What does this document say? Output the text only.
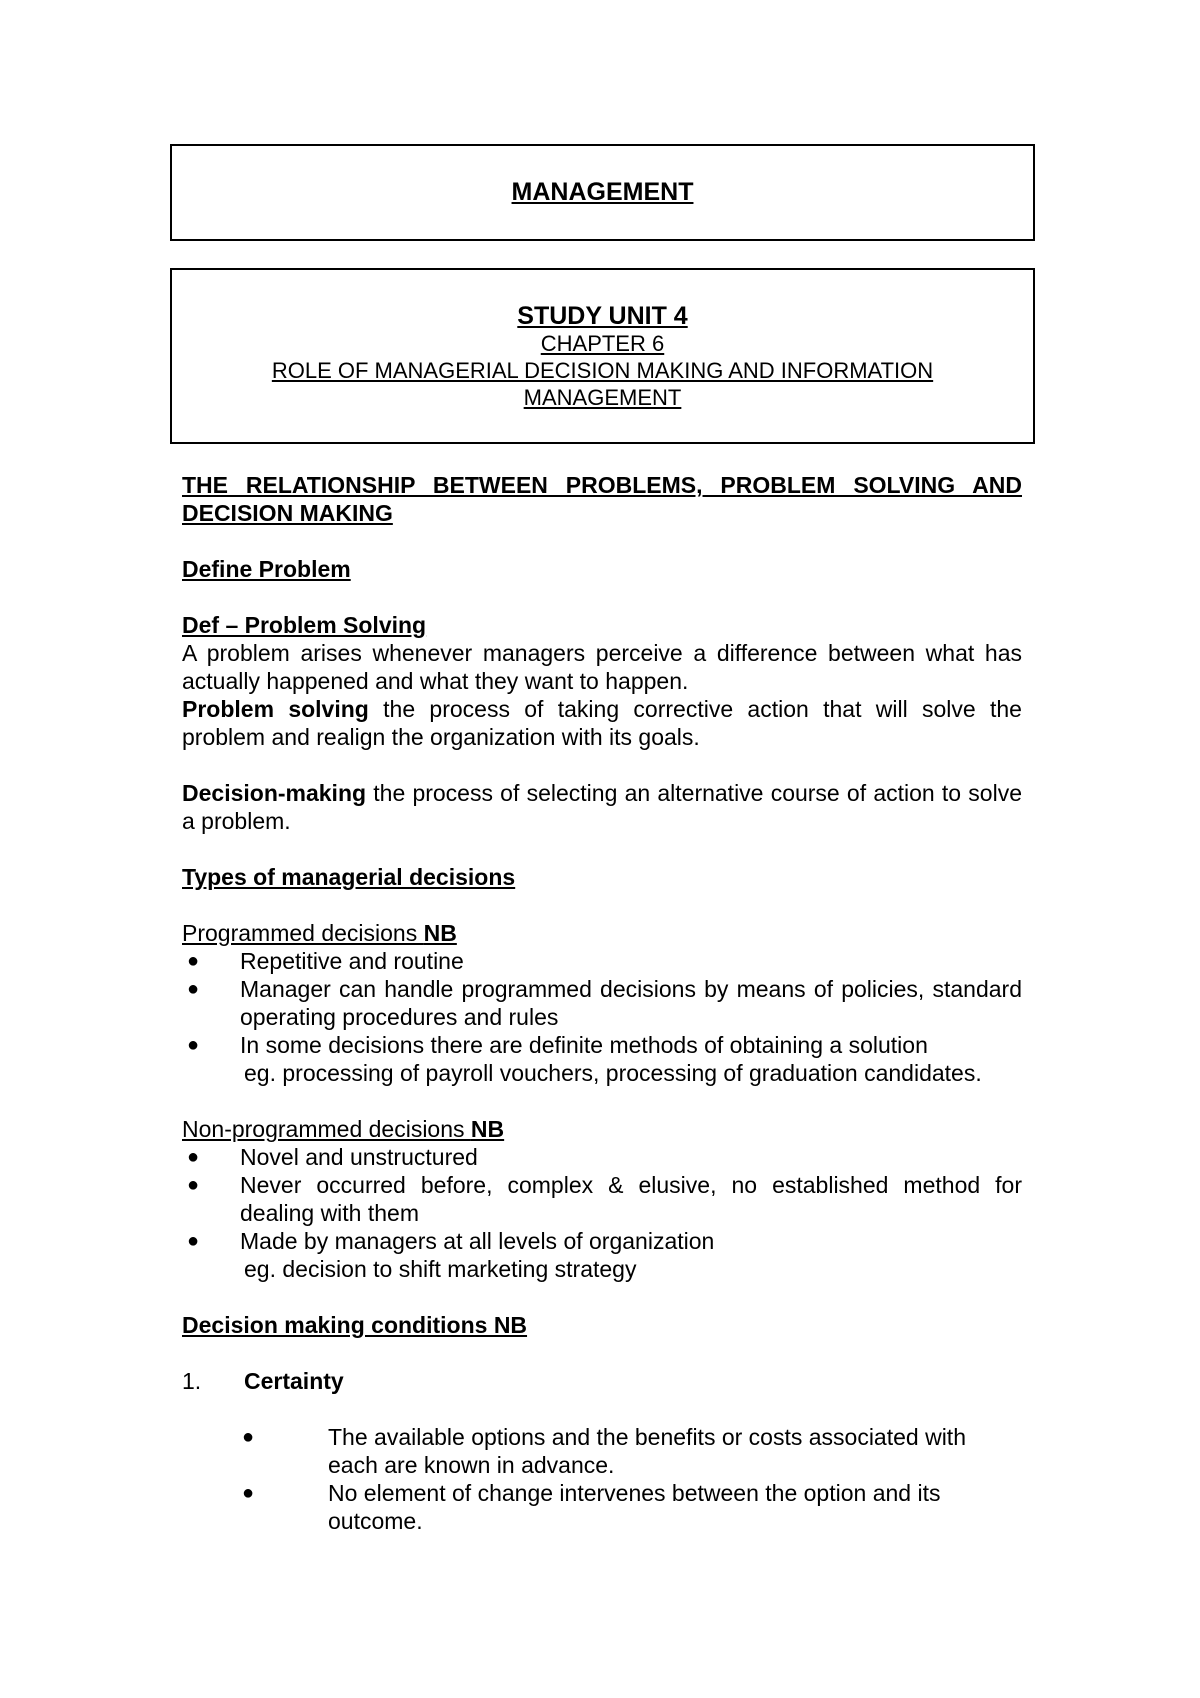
MANAGEMENT
STUDY UNIT 4
CHAPTER 6
ROLE OF MANAGERIAL DECISION MAKING AND INFORMATION
MANAGEMENT

THE RELATIONSHIP BETWEEN PROBLEMS, PROBLEM SOLVING AND DECISION MAKING

Define Problem

Def – Problem Solving

A problem arises whenever managers perceive a difference between what has actually happened and what they want to happen.

Problem solving the process of taking corrective action that will solve the problem and realign the organization with its goals.

Decision-making the process of selecting an alternative course of action to solve a problem.

Types of managerial decisions

Programmed decisions NB

● Repetitive and routine
● Manager can handle programmed decisions by means of policies, standard operating procedures and rules
● In some decisions there are definite methods of obtaining a solution

eg. processing of payroll vouchers, processing of graduation candidates.

Non-programmed decisions NB

● Novel and unstructured
● Never occurred before, complex & elusive, no established method for dealing with them
● Made by managers at all levels of organization

eg. decision to shift marketing strategy

Decision making conditions NB

1. Certainty

●	The available options and the benefits or costs associated with each are known in advance.
●	No element of change intervenes between the option and its outcome.
